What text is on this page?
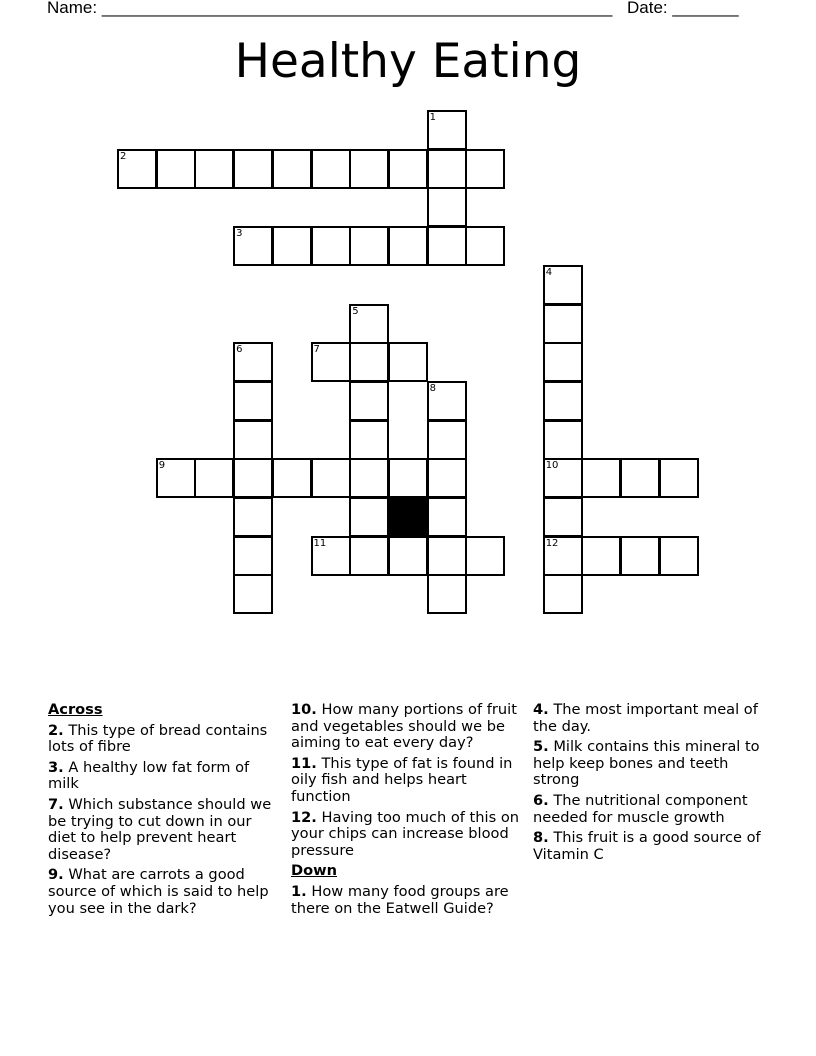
Name: ______________________________________________________ Date: _______
Healthy Eating
1
2
3
4
5
6	7
8
9	10
11	12
Across
2. This type of bread contains lots of fibre
3. A healthy low fat form of milk
7. Which substance should we be trying to cut down in our diet to help prevent heart disease?
9. What are carrots a good source of which is said to help you see in the dark?
10. How many portions of fruit and vegetables should we be aiming to eat every day?
11. This type of fat is found in oily fish and helps heart function
12. Having too much of this on your chips can increase blood pressure
Down
1. How many food groups are there on the Eatwell Guide?
4. The most important meal of the day.
5. Milk contains this mineral to help keep bones and teeth strong
6. The nutritional component needed for muscle growth
8. This fruit is a good source of Vitamin C
